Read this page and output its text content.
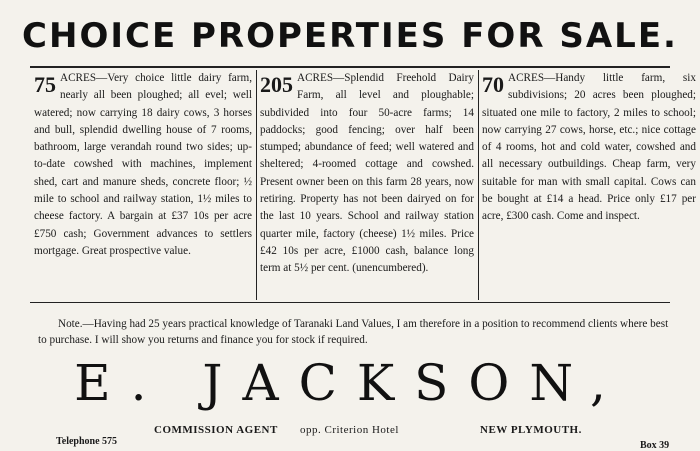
CHOICE PROPERTIES FOR SALE.
75 ACRES—Very choice little dairy farm, nearly all been ploughed; all evel; well watered; now carrying 18 dairy cows, 3 horses and bull, splendid dwelling house of 7 rooms, bathroom, large verandah round two sides; up-to-date cowshed with machines, implement shed, cart and manure sheds, concrete floor; ½ mile to school and railway station, 1½ miles to cheese factory. A bargain at £37 10s per acre £750 cash; Government advances to settlers mortgage. Great prospective value.
205 ACRES—Splendid Freehold Dairy Farm, all level and ploughable; subdivided into four 50-acre farms; 14 paddocks; good fencing; over half been stumped; abundance of feed; well watered and sheltered; 4-roomed cottage and cowshed. Present owner been on this farm 28 years, now retiring. Property has not been dairyed on for the last 10 years. School and railway station quarter mile, factory (cheese) 1½ miles. Price £42 10s per acre, £1000 cash, balance long term at 5½ per cent. (unencumbered).
70 ACRES—Handy little farm, six subdivisions; 20 acres been ploughed; situated one mile to factory, 2 miles to school; now carrying 27 cows, horse, etc.; nice cottage of 4 rooms, hot and cold water, cowshed and all necessary outbuildings. Cheap farm, very suitable for man with small capital. Cows can be bought at £14 a head. Price only £17 per acre, £300 cash. Come and inspect.
Note.—Having had 25 years practical knowledge of Taranaki Land Values, I am therefore in a position to recommend clients where best to purchase. I will show you returns and finance you for stock if required.
E. JACKSON,
COMMISSION AGENT opp. Criterion Hotel	NEW PLYMOUTH.
Telephone 575	Box 39
